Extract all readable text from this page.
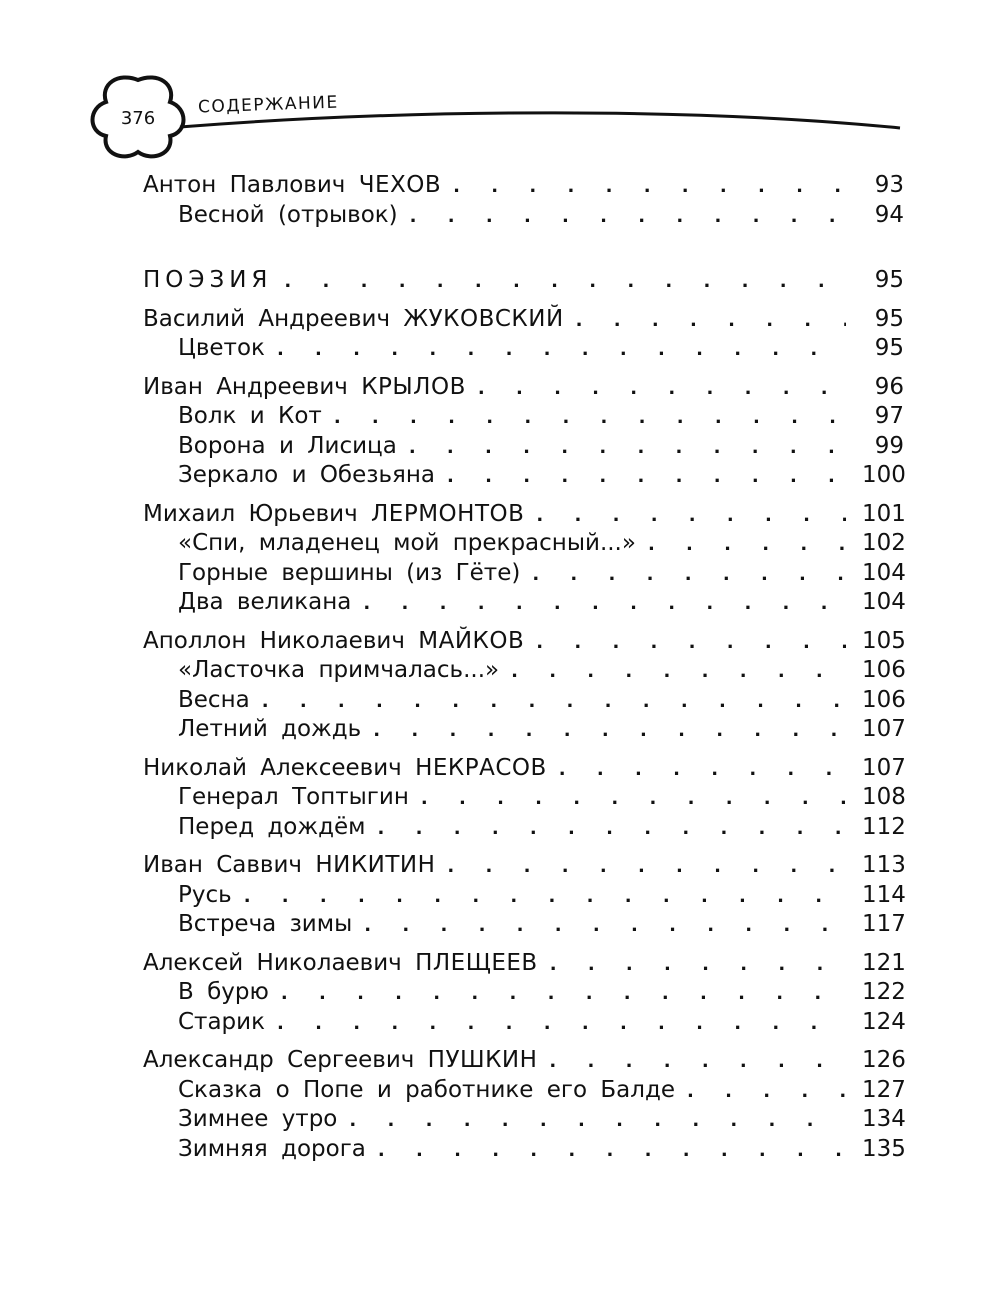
376
СОДЕРЖАНИЕ
Антон Павлович ЧЕХОВ . . .	93
Весной (отрывок) . . .	94
ПОЭЗИЯ . . .	95
Василий Андреевич ЖУКОВСКИЙ . . .	95
Цветок . . .	95
Иван Андреевич КРЫЛОВ . . .	96
Волк и Кот . . .	97
Ворона и Лисица . . .	99
Зеркало и Обезьяна . . .	100
Михаил Юрьевич ЛЕРМОНТОВ . . .	101
«Спи, младенец мой прекрасный...» . . .	102
Горные вершины (из Гёте) . . .	104
Два великана . . .	104
Аполлон Николаевич МАЙКОВ . . .	105
«Ласточка примчалась...» . . .	106
Весна . . .	106
Летний дождь . . .	107
Николай Алексеевич НЕКРАСОВ . . .	107
Генерал Топтыгин . . .	108
Перед дождём . . .	112
Иван Саввич НИКИТИН . . .	113
Русь . . .	114
Встреча зимы . . .	117
Алексей Николаевич ПЛЕЩЕЕВ . . .	121
В бурю . . .	122
Старик . . .	124
Александр Сергеевич ПУШКИН . . .	126
Сказка о Попе и работнике его Балде . . .	127
Зимнее утро . . .	134
Зимняя дорога . . .	135
